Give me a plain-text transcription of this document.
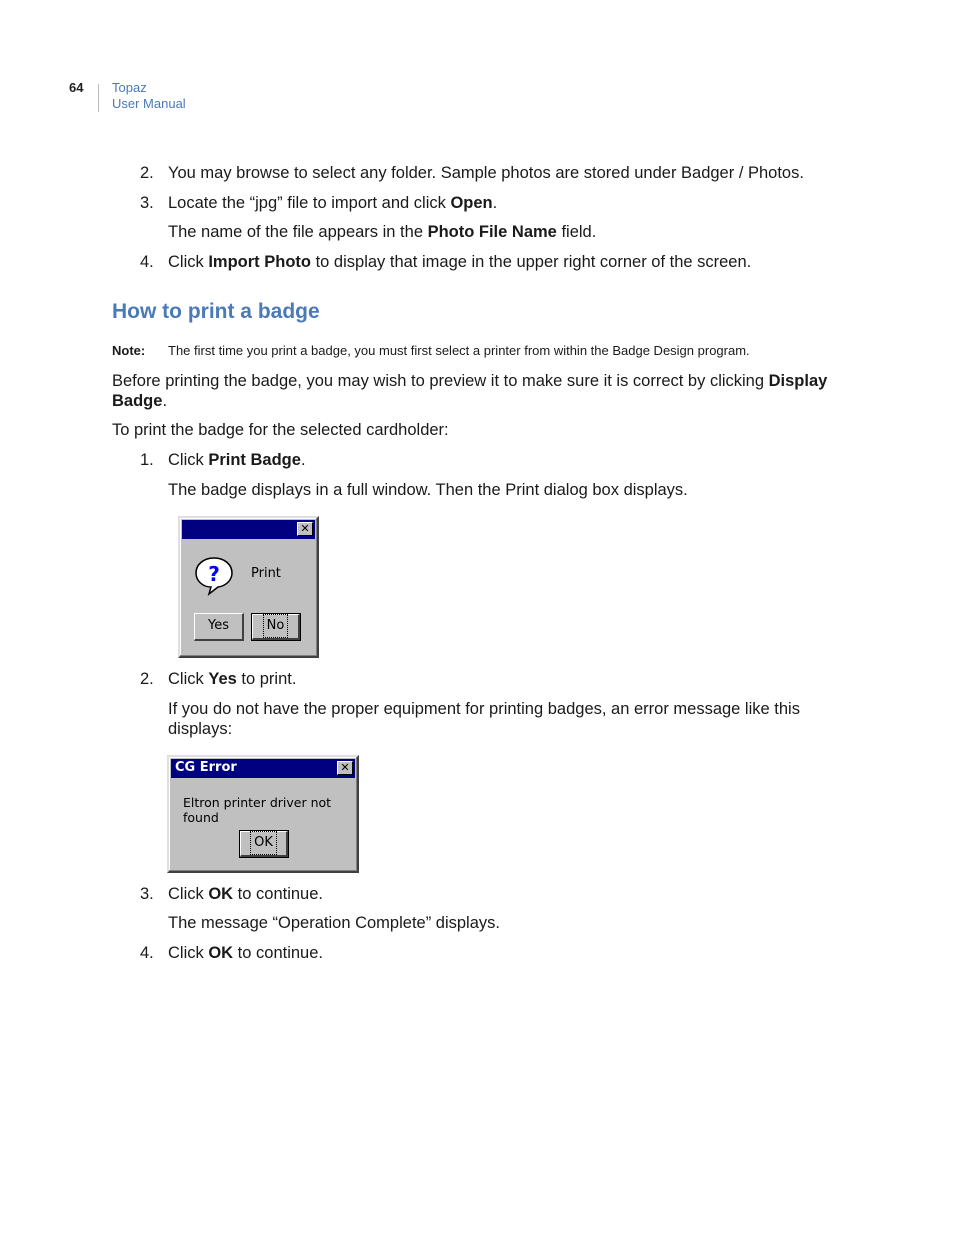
64 Topaz
User Manual
2. You may browse to select any folder. Sample photos are stored under Badger / Photos.
3. Locate the “jpg” file to import and click Open.
The name of the file appears in the Photo File Name field.
4. Click Import Photo to display that image in the upper right corner of the screen.
How to print a badge
Note: The first time you print a badge, you must first select a printer from within the Badge Design program.
Before printing the badge, you may wish to preview it to make sure it is correct by clicking Display
Badge.
To print the badge for the selected cardholder:
1. Click Print Badge.
The badge displays in a full window. Then the Print dialog box displays.
✕
? Print
Yes	No
2. Click Yes to print.
If you do not have the proper equipment for printing badges, an error message like this
displays:
CG Error	✕
Eltron printer driver not found
OK
3. Click OK to continue.
The message “Operation Complete” displays.
4. Click OK to continue.
